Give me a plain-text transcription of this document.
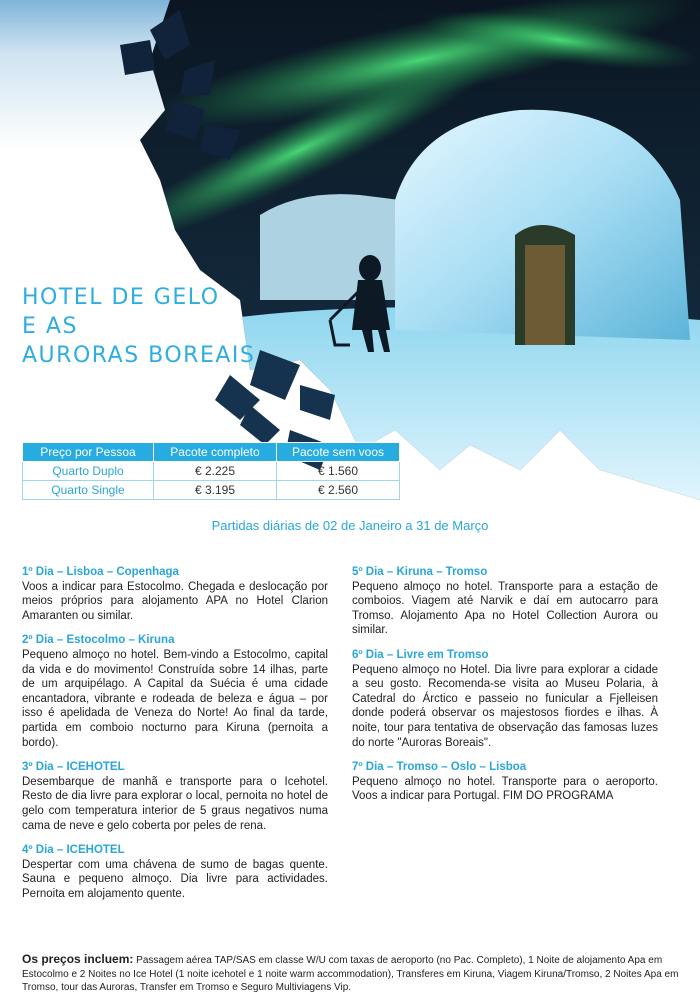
HOTEL DE GELO
E AS
AURORAS BOREAIS
Preço por Pessoa	Pacote completo	Pacote sem voos
Quarto Duplo	€ 2.225	€ 1.560
Quarto Single	€ 3.195	€ 2.560
Partidas diárias de 02 de Janeiro a 31 de Março
1º Dia – Lisboa – Copenhaga
Voos a indicar para Estocolmo. Chegada e deslocação por meios próprios para alojamento APA no Hotel Clarion Amaranten ou similar.
2º Dia – Estocolmo – Kiruna
Pequeno almoço no hotel. Bem-vindo a Estocolmo, capital da vida e do movimento! Construída sobre 14 ilhas, parte de um arquipélago. A Capital da Suécia é uma cidade encantadora, vibrante e rodeada de beleza e água – por isso é apelidada de Veneza do Norte! Ao final da tarde, partida em comboio nocturno para Kiruna (pernoita a bordo).
3º Dia – ICEHOTEL
Desembarque de manhã e transporte para o Icehotel. Resto de dia livre para explorar o local, pernoita no hotel de gelo com temperatura interior de 5 graus negativos numa cama de neve e gelo coberta por peles de rena.
4º Dia – ICEHOTEL
Despertar com uma chávena de sumo de bagas quente. Sauna e pequeno almoço. Dia livre para actividades. Pernoita em alojamento quente.
5º Dia – Kiruna – Tromso
Pequeno almoço no hotel. Transporte para a estação de comboios. Viagem até Narvik e daí em autocarro para Tromso. Alojamento Apa no Hotel Collection Aurora ou similar.
6º Dia – Livre em Tromso
Pequeno almoço no Hotel. Dia livre para explorar a cidade a seu gosto. Recomenda-se visita ao Museu Polaria, à Catedral do Árctico e passeio no funicular a Fjelleisen donde poderá observar os majestosos fiordes e ilhas. À noite, tour para tentativa de observação das famosas luzes do norte "Auroras Boreais".
7º Dia – Tromso – Oslo – Lisboa
Pequeno almoço no hotel. Transporte para o aeroporto. Voos a indicar para Portugal. FIM DO PROGRAMA
Os preços incluem: Passagem aérea TAP/SAS em classe W/U com taxas de aeroporto (no Pac. Completo), 1 Noite de alojamento Apa em Estocolmo e 2 Noites no Ice Hotel (1 noite icehotel e 1 noite warm accommodation), Transferes em Kiruna, Viagem Kiruna/Tromso, 2 Noites Apa em Tromso, tour das Auroras, Transfer em Tromso e Seguro Multiviagens Vip.
